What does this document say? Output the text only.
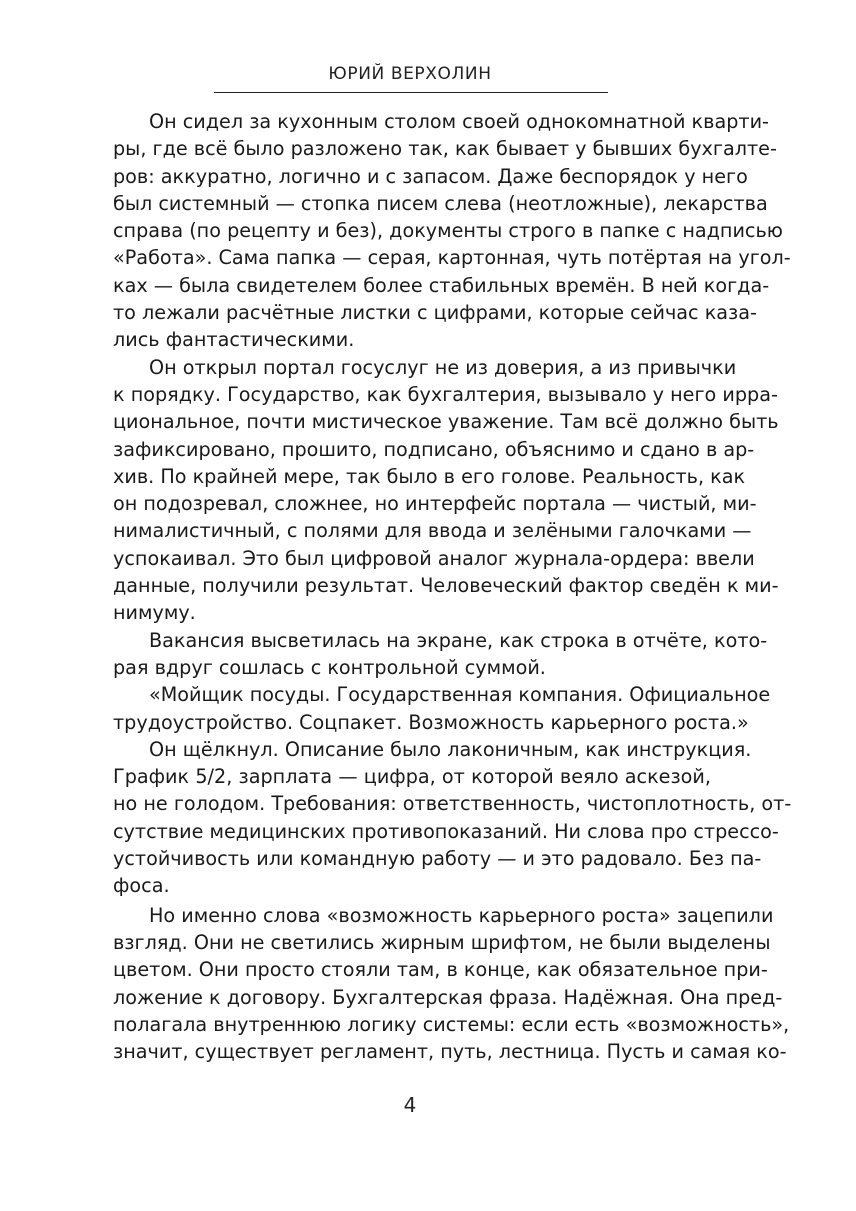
ЮРИЙ ВЕРХОЛИН
Он сидел за кухонным столом своей однокомнатной кварти-
ры, где всё было разложено так, как бывает у бывших бухгалте-
ров: аккуратно, логично и с запасом. Даже беспорядок у него
был системный — стопка писем слева (неотложные), лекарства
справа (по рецепту и без), документы строго в папке с надписью
«Работа». Сама папка — серая, картонная, чуть потёртая на угол-
ках — была свидетелем более стабильных времён. В ней когда-
то лежали расчётные листки с цифрами, которые сейчас каза-
лись фантастическими.
Он открыл портал госуслуг не из доверия, а из привычки
к порядку. Государство, как бухгалтерия, вызывало у него ирра-
циональное, почти мистическое уважение. Там всё должно быть
зафиксировано, прошито, подписано, объяснимо и сдано в ар-
хив. По крайней мере, так было в его голове. Реальность, как
он подозревал, сложнее, но интерфейс портала — чистый, ми-
нималистичный, с полями для ввода и зелёными галочками —
успокаивал. Это был цифровой аналог журнала-ордера: ввели
данные, получили результат. Человеческий фактор сведён к ми-
нимуму.
Вакансия высветилась на экране, как строка в отчёте, кото-
рая вдруг сошлась с контрольной суммой.
«Мойщик посуды. Государственная компания. Официальное
трудоустройство. Соцпакет. Возможность карьерного роста.»
Он щёлкнул. Описание было лаконичным, как инструкция.
График 5/2, зарплата — цифра, от которой веяло аскезой,
но не голодом. Требования: ответственность, чистоплотность, от-
сутствие медицинских противопоказаний. Ни слова про стрессо-
устойчивость или командную работу — и это радовало. Без па-
фоса.
Но именно слова «возможность карьерного роста» зацепили
взгляд. Они не светились жирным шрифтом, не были выделены
цветом. Они просто стояли там, в конце, как обязательное при-
ложение к договору. Бухгалтерская фраза. Надёжная. Она пред-
полагала внутреннюю логику системы: если есть «возможность»,
значит, существует регламент, путь, лестница. Пусть и самая ко-
4
